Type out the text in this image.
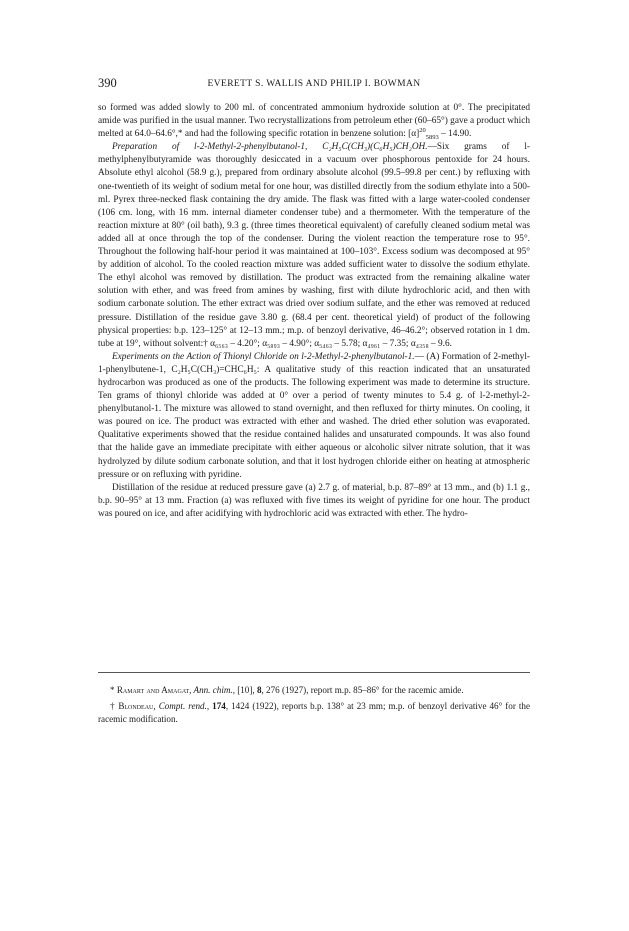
390	EVERETT S. WALLIS AND PHILIP I. BOWMAN

so formed was added slowly to 200 ml. of concentrated ammonium hydroxide solution at 0°. The precipitated amide was purified in the usual manner. Two recrystallizations from petroleum ether (60–65°) gave a product which melted at 64.0–64.6°,* and had the following specific rotation in benzene solution: $[\alpha]^{20}_{5893} - 14.90$.

Preparation of l-2-Methyl-2-phenylbutanol-1, C₂H₅C(CH₃)(C₆H₅)CH₂OH.—Six grams of l-methylphenylbutyramide was thoroughly desiccated in a vacuum over phosphorous pentoxide for 24 hours. Absolute ethyl alcohol (58.9 g.), prepared from ordinary absolute alcohol (99.5–99.8 per cent.) by refluxing with one-twentieth of its weight of sodium metal for one hour, was distilled directly from the sodium ethylate into a 500-ml. Pyrex three-necked flask containing the dry amide. The flask was fitted with a large water-cooled condenser (106 cm. long, with 16 mm. internal diameter condenser tube) and a thermometer. With the temperature of the reaction mixture at 80° (oil bath), 9.3 g. (three times theoretical equivalent) of carefully cleaned sodium metal was added all at once through the top of the condenser. During the violent reaction the temperature rose to 95°. Throughout the following half-hour period it was maintained at 100–103°. Excess sodium was decomposed at 95° by addition of alcohol. To the cooled reaction mixture was added sufficient water to dissolve the sodium ethylate. The ethyl alcohol was removed by distillation. The product was extracted from the remaining alkaline water solution with ether, and was freed from amines by washing, first with dilute hydrochloric acid, and then with sodium carbonate solution. The ether extract was dried over sodium sulfate, and the ether was removed at reduced pressure. Distillation of the residue gave 3.80 g. (68.4 per cent. theoretical yield) of product of the following physical properties: b.p. 123–125° at 12–13 mm.; m.p. of benzoyl derivative, 46–46.2°; observed rotation in 1 dm. tube at 19°, without solvent:† α₆₅₆₃ – 4.20°; α₅₈₉₃ – 4.90°; α₅₄₆₃ – 5.78; α₄₉₆₁ – 7.35; α₄₃₅₈ – 9.6.

Experiments on the Action of Thionyl Chloride on l-2-Methyl-2-phenylbutanol-1.— (A) Formation of 2-methyl-1-phenylbutene-1, C₂H₅C(CH₃)=CHC₆H₅: A qualitative study of this reaction indicated that an unsaturated hydrocarbon was produced as one of the products. The following experiment was made to determine its structure. Ten grams of thionyl chloride was added at 0° over a period of twenty minutes to 5.4 g. of l-2-methyl-2-phenylbutanol-1. The mixture was allowed to stand overnight, and then refluxed for thirty minutes. On cooling, it was poured on ice. The product was extracted with ether and washed. The dried ether solution was evaporated. Qualitative experiments showed that the residue contained halides and unsaturated compounds. It was also found that the halide gave an immediate precipitate with either aqueous or alcoholic silver nitrate solution, that it was hydrolyzed by dilute sodium carbonate solution, and that it lost hydrogen chloride either on heating at atmospheric pressure or on refluxing with pyridine.

Distillation of the residue at reduced pressure gave (a) 2.7 g. of material, b.p. 87–89° at 13 mm., and (b) 1.1 g., b.p. 90–95° at 13 mm. Fraction (a) was refluxed with five times its weight of pyridine for one hour. The product was poured on ice, and after acidifying with hydrochloric acid was extracted with ether. The hydro-

* Ramart and Amagat, Ann. chim., [10], 8, 276 (1927), report m.p. 85–86° for the racemic amide.

† Blondeau, Compt. rend., 174, 1424 (1922), reports b.p. 138° at 23 mm; m.p. of benzoyl derivative 46° for the racemic modification.
